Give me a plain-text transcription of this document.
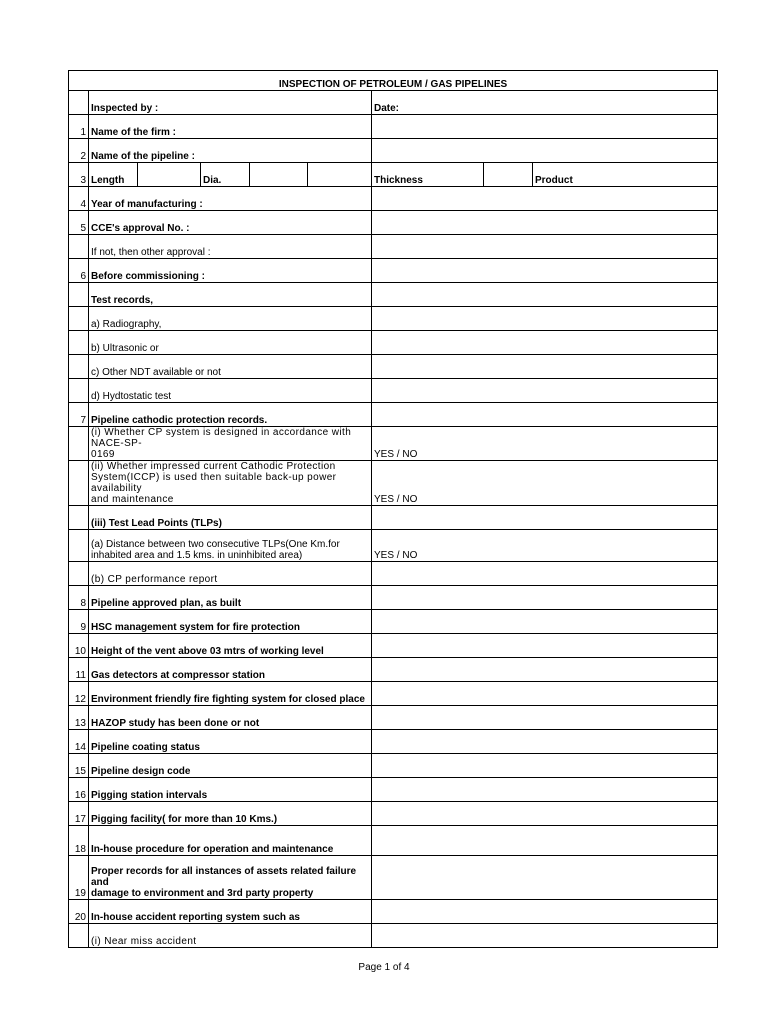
INSPECTION OF PETROLEUM / GAS PIPELINES								
	Inspected by :					Date:		
1	Name of the firm :							
2	Name of the pipeline :							
3	Length		Dia.			Thickness		Product
4	Year of manufacturing :							
5	CCE's approval No. :							
	If not, then other approval :							
6	Before commissioning :							
	Test records,							
	a) Radiography,							
	b) Ultrasonic or							
	c) Other NDT available or not							
	d) Hydtostatic test							
7	Pipeline cathodic protection records.							
	(i) Whether CP system is designed in accordance with NACE-SP-
0169					YES / NO		
	(ii) Whether impressed current Cathodic Protection
System(ICCP) is used then suitable back-up power availability
and maintenance					YES / NO		
	(iii) Test Lead Points (TLPs)							
	(a) Distance between two consecutive TLPs(One Km.for
inhabited area and 1.5 kms. in uninhibited area)					YES / NO		
	(b) CP performance report							
8	Pipeline approved plan, as built							
9	HSC management system for fire protection							
10	Height of the vent above 03 mtrs of working level							
11	Gas detectors at compressor station							
12	Environment friendly fire fighting system for closed place							
13	HAZOP study has been done or not							
14	Pipeline coating status							
15	Pipeline design code							
16	Pigging station intervals							
17	Pigging facility( for more than 10 Kms.)							
18	In-house procedure for operation and maintenance							
19	Proper records for all instances of assets related failure and
damage to environment and 3rd party property							
20	In-house accident reporting system such as							
	(i) Near miss accident							
Page 1 of 4
